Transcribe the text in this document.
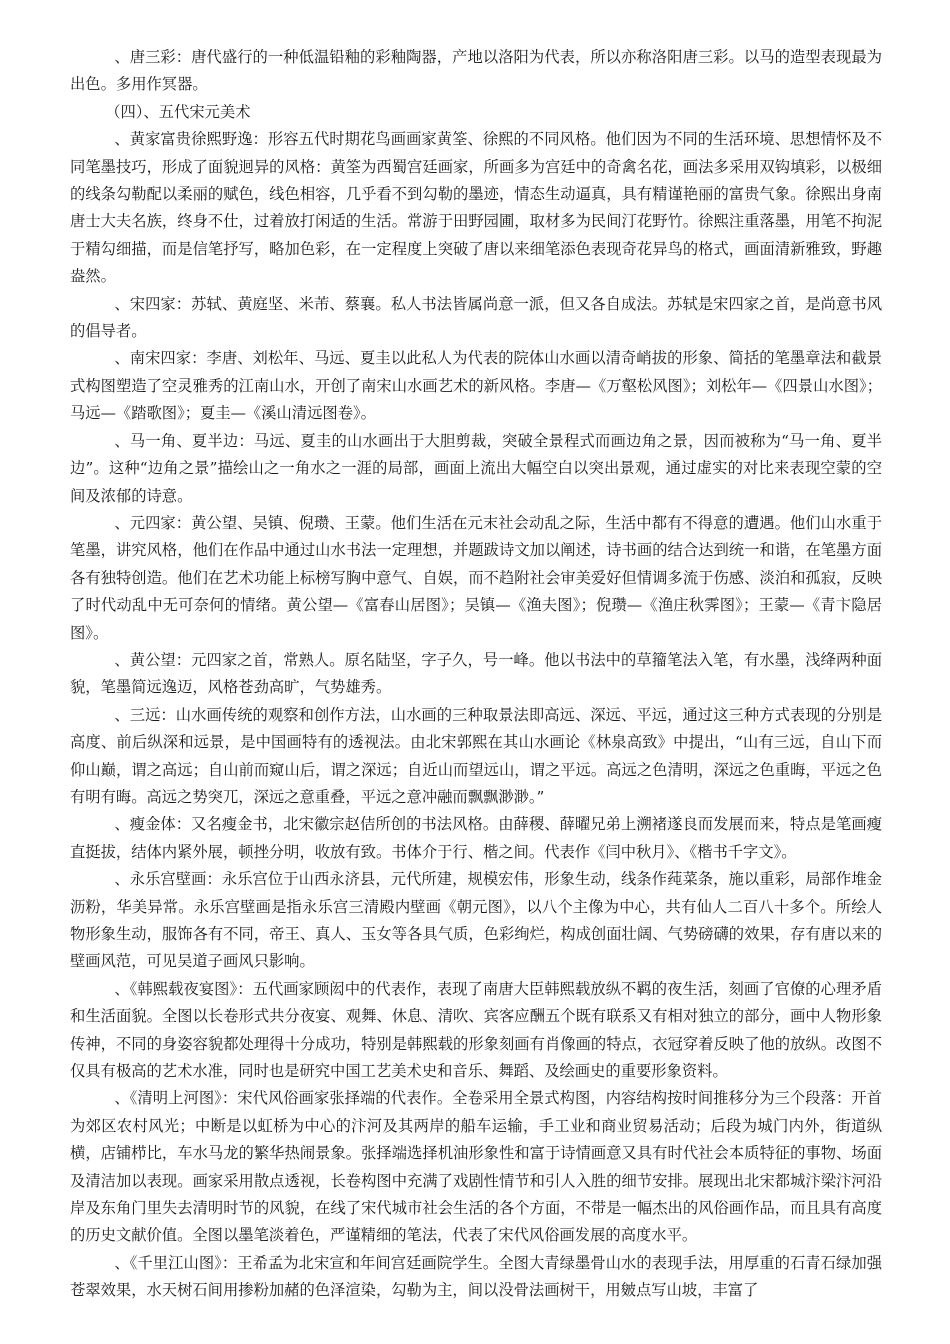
、唐三彩：唐代盛行的一种低温铅釉的彩釉陶器，产地以洛阳为代表，所以亦称洛阳唐三彩。以马的造型表现最为出色。多用作冥器。

（四）、五代宋元美术

、黄家富贵徐熙野逸：形容五代时期花鸟画画家黄筌、徐熙的不同风格。他们因为不同的生活环境、思想情怀及不同笔墨技巧，形成了面貌迥异的风格：黄筌为西蜀宫廷画家，所画多为宫廷中的奇禽名花，画法多采用双钩填彩，以极细的线条勾勒配以柔丽的赋色，线色相容，几乎看不到勾勒的墨迹，情态生动逼真，具有精谨艳丽的富贵气象。徐熙出身南唐士大夫名族，终身不仕，过着放打闲适的生活。常游于田野园圃，取材多为民间汀花野竹。徐熙注重落墨，用笔不拘泥于精勾细描，而是信笔抒写，略加色彩，在一定程度上突破了唐以来细笔添色表现奇花异鸟的格式，画面清新雅致，野趣盎然。

、宋四家：苏轼、黄庭坚、米芾、蔡襄。私人书法皆属尚意一派，但又各自成法。苏轼是宋四家之首，是尚意书风的倡导者。

、南宋四家：李唐、刘松年、马远、夏圭以此私人为代表的院体山水画以清奇峭拔的形象、简括的笔墨章法和截景式构图塑造了空灵雅秀的江南山水，开创了南宋山水画艺术的新风格。李唐—《万壑松风图》；刘松年—《四景山水图》；马远—《踏歌图》；夏圭—《溪山清远图卷》。

、马一角、夏半边：马远、夏圭的山水画出于大胆剪裁，突破全景程式而画边角之景，因而被称为“马一角、夏半边”。这种“边角之景”描绘山之一角水之一涯的局部，画面上流出大幅空白以突出景观，通过虚实的对比来表现空蒙的空间及浓郁的诗意。

、元四家：黄公望、吴镇、倪瓒、王蒙。他们生活在元末社会动乱之际，生活中都有不得意的遭遇。他们山水重于笔墨，讲究风格，他们在作品中通过山水书法一定理想，并题跋诗文加以阐述，诗书画的结合达到统一和谐，在笔墨方面各有独特创造。他们在艺术功能上标榜写胸中意气、自娱，而不趋附社会审美爱好但情调多流于伤感、淡泊和孤寂，反映了时代动乱中无可奈何的情绪。黄公望—《富春山居图》；吴镇—《渔夫图》；倪瓒—《渔庄秋霁图》；王蒙—《青卞隐居图》。

、黄公望：元四家之首，常熟人。原名陆坚，字子久，号一峰。他以书法中的草籀笔法入笔，有水墨，浅绛两种面貌，笔墨简远逸迈，风格苍劲高旷，气势雄秀。

、三远：山水画传统的观察和创作方法，山水画的三种取景法即高远、深远、平远，通过这三种方式表现的分别是高度、前后纵深和远景，是中国画特有的透视法。由北宋郭熙在其山水画论《林泉高致》中提出，“山有三远，自山下而仰山巅，谓之高远；自山前而窥山后，谓之深远；自近山而望远山，谓之平远。高远之色清明，深远之色重晦，平远之色有明有晦。高远之势突兀，深远之意重叠，平远之意冲融而飘飘渺渺。”

、瘦金体：又名瘦金书，北宋徽宗赵佶所创的书法风格。由薛稷、薛曜兄弟上溯褚遂良而发展而来，特点是笔画瘦直挺拔，结体内紧外展，顿挫分明，收放有致。书体介于行、楷之间。代表作《闫中秋月》、《楷书千字文》。

、永乐宫壁画：永乐宫位于山西永济县，元代所建，规模宏伟，形象生动，线条作莼菜条，施以重彩，局部作堆金沥粉，华美异常。永乐宫壁画是指永乐宫三清殿内壁画《朝元图》，以八个主像为中心，共有仙人二百八十多个。所绘人物形象生动，服饰各有不同，帝王、真人、玉女等各具气质，色彩绚烂，构成创面壮阔、气势磅礴的效果，存有唐以来的壁画风范，可见吴道子画风只影响。

、《韩熙载夜宴图》：五代画家顾闳中的代表作，表现了南唐大臣韩熙载放纵不羁的夜生活，刻画了官僚的心理矛盾和生活面貌。全图以长卷形式共分夜宴、观舞、休息、清吹、宾客应酬五个既有联系又有相对独立的部分，画中人物形象传神，不同的身姿容貌都处理得十分成功，特别是韩熙载的形象刻画有肖像画的特点，衣冠穿着反映了他的放纵。改图不仅具有极高的艺术水准，同时也是研究中国工艺美术史和音乐、舞蹈、及绘画史的重要形象资料。

、《清明上河图》：宋代风俗画家张择端的代表作。全卷采用全景式构图，内容结构按时间推移分为三个段落：开首为郊区农村风光；中断是以虹桥为中心的汴河及其两岸的船车运输，手工业和商业贸易活动；后段为城门内外，街道纵横，店铺栉比，车水马龙的繁华热闹景象。张择端选择机油形象性和富于诗情画意又具有时代社会本质特征的事物、场面及清洁加以表现。画家采用散点透视，长卷构图中充满了戏剧性情节和引人入胜的细节安排。展现出北宋都城汴梁汴河沿岸及东角门里失去清明时节的风貌，在线了宋代城市社会生活的各个方面，不带是一幅杰出的风俗画作品，而且具有高度的历史文献价值。全图以墨笔淡着色，严谨精细的笔法，代表了宋代风俗画发展的高度水平。

、《千里江山图》：王希孟为北宋宣和年间宫廷画院学生。全图大青绿墨骨山水的表现手法，用厚重的石青石绿加强苍翠效果，水天树石间用掺粉加赭的色泽渲染，勾勒为主，间以没骨法画树干，用皴点写山坡，丰富了
